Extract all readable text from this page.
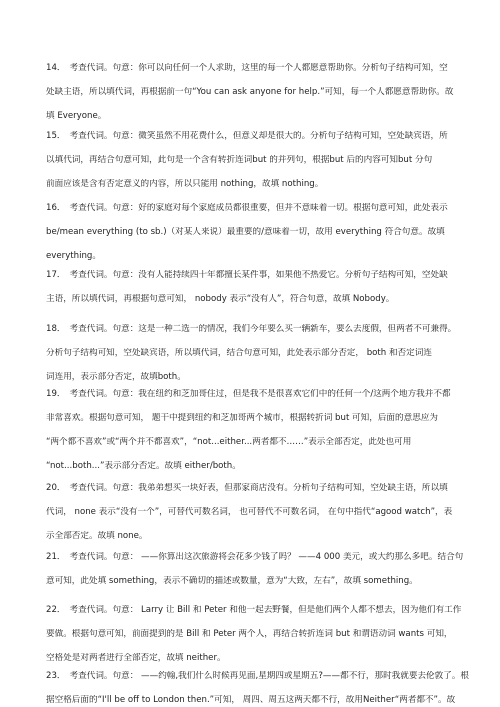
14． 考查代词。句意：你可以向任何一个人求助，这里的每一个人都愿意帮助你。分析句子结构可知，空
处缺主语，所以填代词，再根据前一句“You can ask anyone for help.”可知，每一个人都愿意帮助你。故
填 Everyone。
15． 考查代词。句意：微笑虽然不用花费什么，但意义却是很大的。分析句子结构可知，空处缺宾语，所
以填代词，再结合句意可知，此句是一个含有转折连词but 的并列句，根据but 后的内容可知but 分句
前面应该是含有否定意义的内容，所以只能用 nothing，故填 nothing。
16． 考查代词。句意：好的家庭对每个家庭成员都很重要，但并不意味着一切。根据句意可知，此处表示
be/mean everything (to sb.)（对某人来说）最重要的/意味着一切，故用 everything 符合句意。故填
everything。
17． 考查代词。句意：没有人能持续四十年都擅长某件事，如果他不热爱它。分析句子结构可知，空处缺
主语，所以填代词，再根据句意可知， nobody 表示“没有人”，符合句意，故填 Nobody。
18． 考查代词。句意：这是一种二选一的情况，我们今年要么买一辆新车，要么去度假，但两者不可兼得。
分析句子结构可知，空处缺宾语，所以填代词，结合句意可知，此处表示部分否定， both 和否定词连
词连用，表示部分否定，故填both。
19． 考查代词。句意：我在纽约和芝加哥住过，但是我不是很喜欢它们中的任何一个/这两个地方我并不都
非常喜欢。根据句意可知， 题干中提到纽约和芝加哥两个城市，根据转折词 but 可知，后面的意思应为
“两个都不喜欢”或“两个并不都喜欢”，“not...either...两者都不……”表示全部否定，此处也可用
“not...both...”表示部分否定。故填 either/both。
20． 考查代词。句意：我弟弟想买一块好表，但那家商店没有。分析句子结构可知，空处缺主语，所以填
代词， none 表示“没有一个”，可替代可数名词， 也可替代不可数名词， 在句中指代“agood watch”，表
示全部否定。故填 none。
21． 考查代词。句意： ——你算出这次旅游将会花多少钱了吗？ ——4 000 美元，或大约那么多吧。结合句
意可知，此处填 something，表示不确切的描述或数量，意为“大致，左右”，故填 something。
22． 考查代词。句意： Larry 让 Bill 和 Peter 和他一起去野餐，但是他们两个人都不想去，因为他们有工作
要做。根据句意可知，前面提到的是 Bill 和 Peter 两个人，再结合转折连词 but 和谓语动词 wants 可知，
空格处是对两者进行全部否定，故填 neither。
23． 考查代词。句意： ——约翰,我们什么时候再见面,星期四或星期五?——都不行，那时我就要去伦敦了。根
据空格后面的“I'll be off to London then.”可知， 周四、周五这两天都不行，故用Neither“两者都不”。故
